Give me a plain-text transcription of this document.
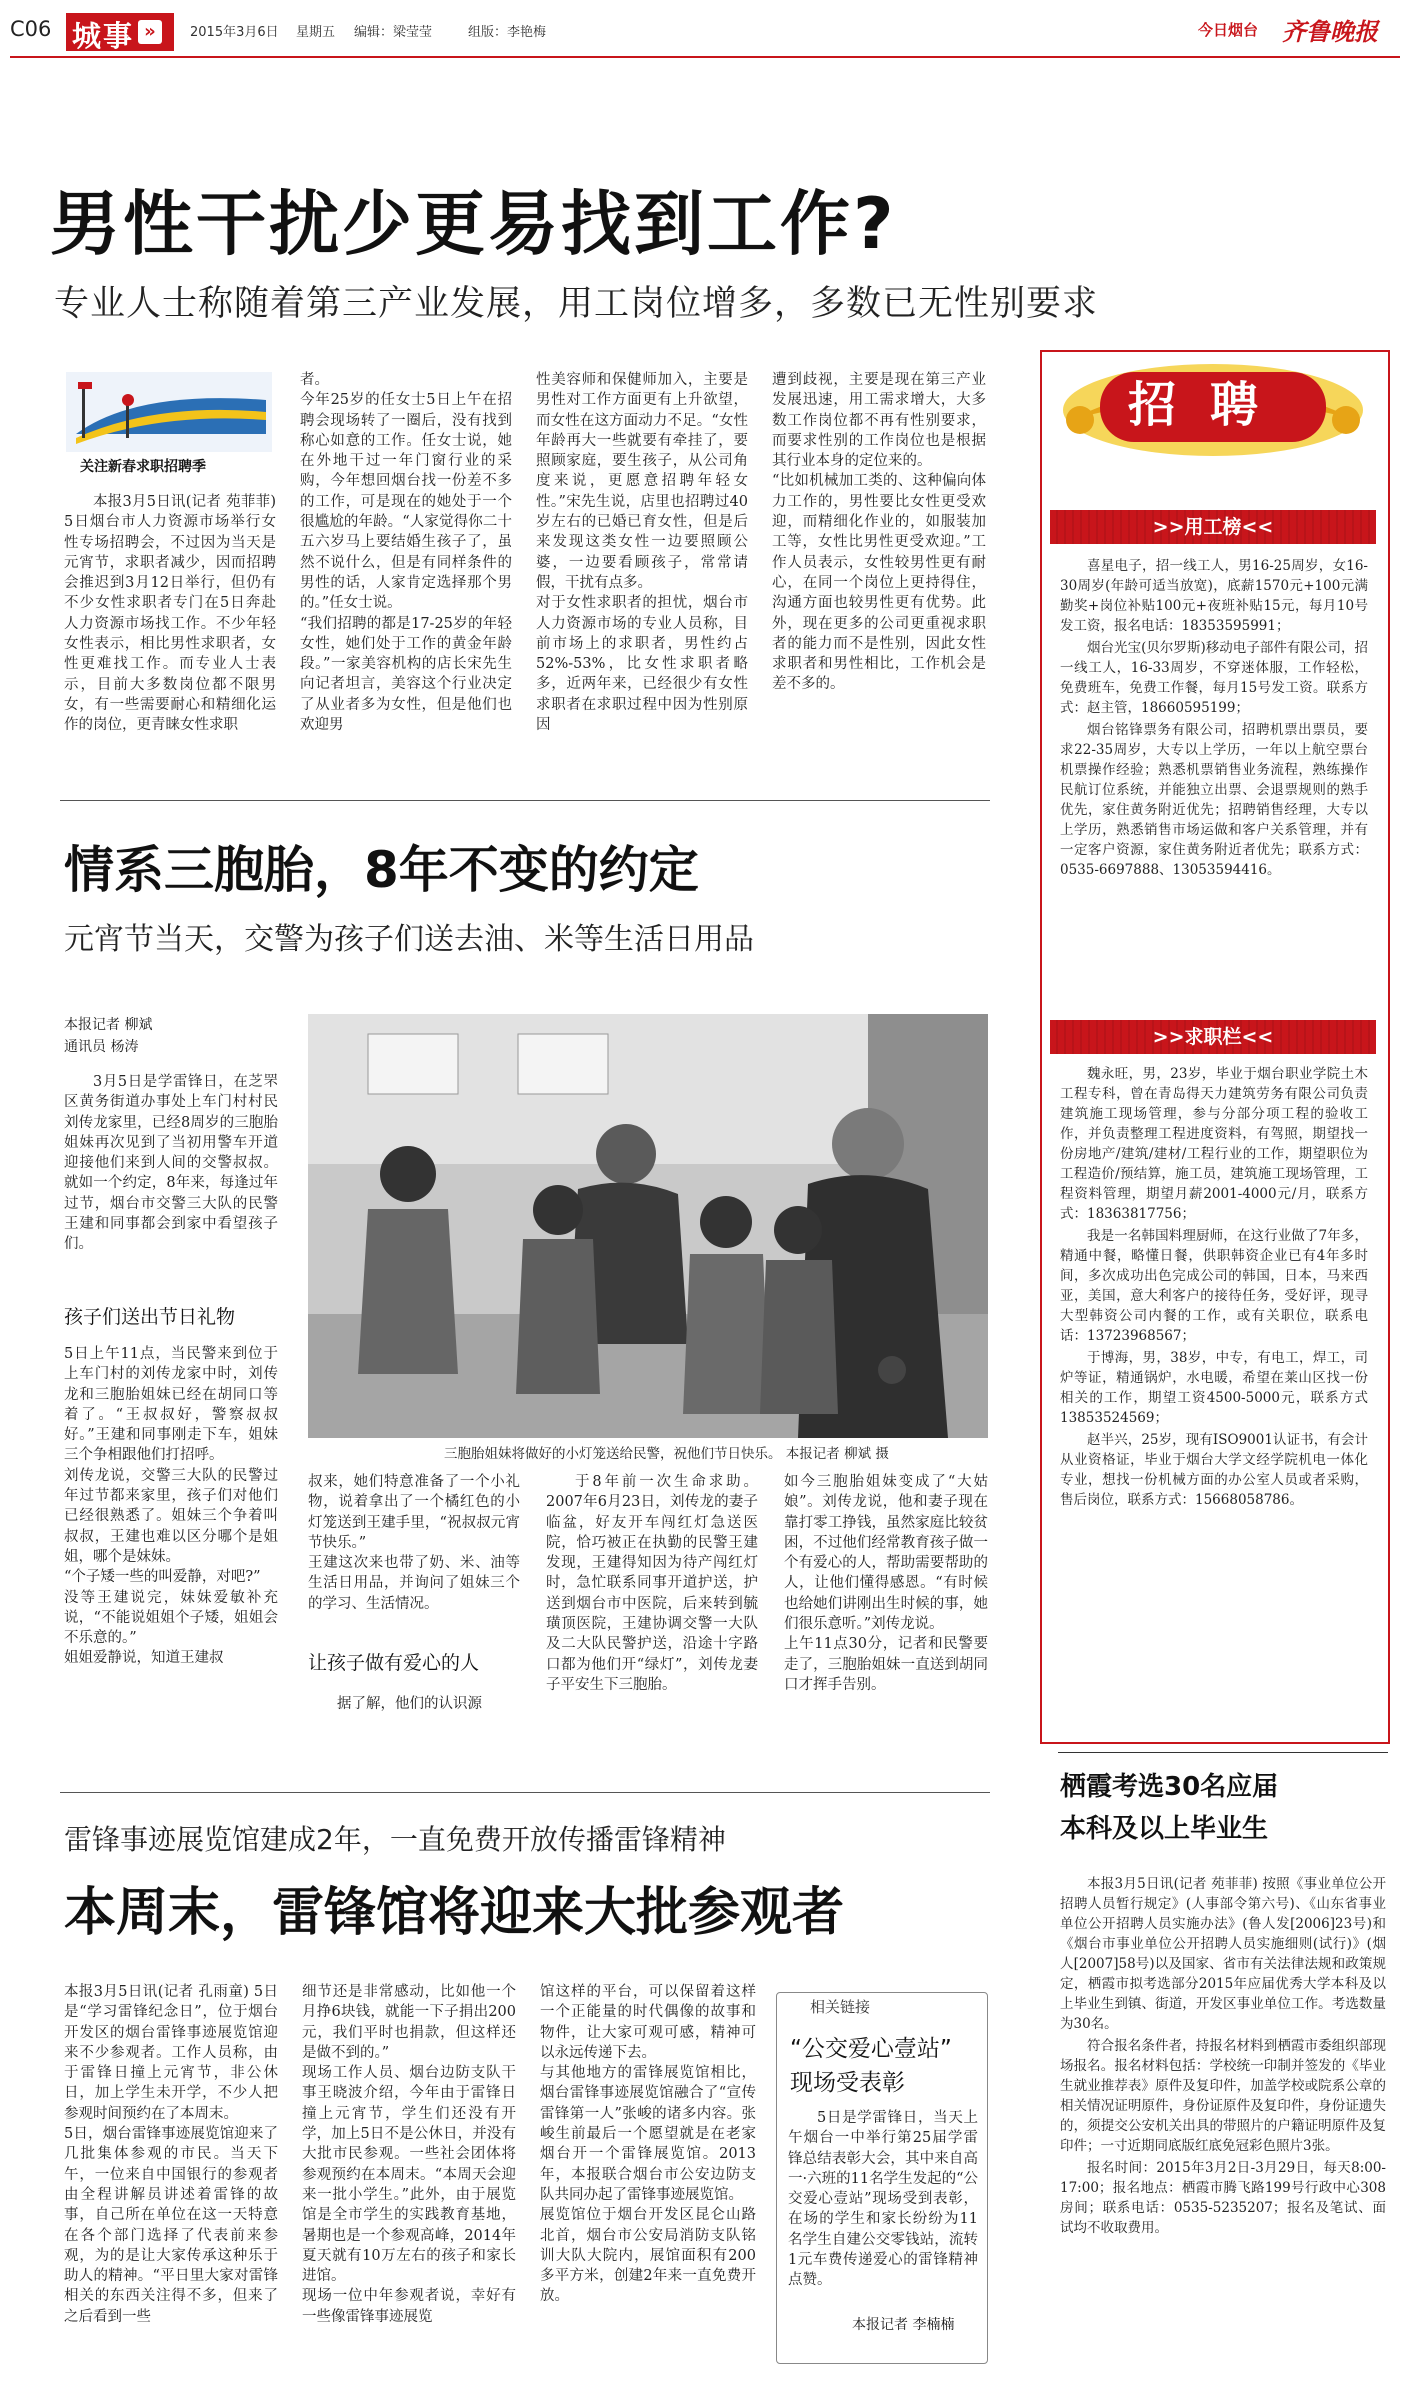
C06 城事 »	2015年3月6日 星期五 编辑：梁莹莹	组版：李艳梅	今日烟台 齐鲁晚报
男性干扰少更易找到工作?
专业人士称随着第三产业发展，用工岗位增多，多数已无性别要求
关注新春求职招聘季

本报3月5日讯(记者 苑菲菲) 5日烟台市人力资源市场举行女性专场招聘会，不过因为当天是元宵节，求职者减少，因而招聘会推迟到3月12日举行，但仍有不少女性求职者专门在5日奔赴人力资源市场找工作。不少年轻女性表示，相比男性求职者，女性更难找工作。而专业人士表示，目前大多数岗位都不限男女，有一些需要耐心和精细化运作的岗位，更青睐女性求职

者。
今年25岁的任女士5日上午在招聘会现场转了一圈后，没有找到称心如意的工作。任女士说，她在外地干过一年门窗行业的采购，今年想回烟台找一份差不多的工作，可是现在的她处于一个很尴尬的年龄。“人家觉得你二十五六岁马上要结婚生孩子了，虽然不说什么，但是有同样条件的男性的话，人家肯定选择那个男的。”任女士说。
“我们招聘的都是17-25岁的年轻女性，她们处于工作的黄金年龄段。”一家美容机构的店长宋先生向记者坦言，美容这个行业决定了从业者多为女性，但是他们也欢迎男
性美容师和保健师加入，主要是男性对工作方面更有上升欲望，而女性在这方面动力不足。“女性年龄再大一些就要有牵挂了，要照顾家庭，要生孩子，从公司角度来说，更愿意招聘年轻女性。”宋先生说，店里也招聘过40岁左右的已婚已育女性，但是后来发现这类女性一边要照顾公婆，一边要看顾孩子，常常请假，干扰有点多。
对于女性求职者的担忧，烟台市人力资源市场的专业人员称，目前市场上的求职者，男性约占52%-53%，比女性求职者略多，近两年来，已经很少有女性求职者在求职过程中因为性别原因
遭到歧视，主要是现在第三产业发展迅速，用工需求增大，大多数工作岗位都不再有性别要求，而要求性别的工作岗位也是根据其行业本身的定位来的。
“比如机械加工类的、这种偏向体力工作的，男性要比女性更受欢迎，而精细化作业的，如服装加工等，女性比男性更受欢迎。”工作人员表示，女性较男性更有耐心，在同一个岗位上更持得住，沟通方面也较男性更有优势。此外，现在更多的公司更重视求职者的能力而不是性别，因此女性求职者和男性相比，工作机会是差不多的。
情系三胞胎，8年不变的约定
元宵节当天，交警为孩子们送去油、米等生活日用品
本报记者 柳斌
通讯员 杨涛

3月5日是学雷锋日，在芝罘区黄务街道办事处上车门村村民刘传龙家里，已经8周岁的三胞胎姐妹再次见到了当初用警车开道迎接他们来到人间的交警叔叔。就如一个约定，8年来，每逢过年过节，烟台市交警三大队的民警王建和同事都会到家中看望孩子们。

孩子们送出节日礼物
5日上午11点，当民警来到位于上车门村的刘传龙家中时，刘传龙和三胞胎姐妹已经在胡同口等着了。“王叔叔好，警察叔叔好。”王建和同事刚走下车，姐妹三个争相跟他们打招呼。
刘传龙说，交警三大队的民警过年过节都来家里，孩子们对他们已经很熟悉了。姐妹三个争着叫叔叔，王建也难以区分哪个是姐姐，哪个是妹妹。
“个子矮一些的叫爱静，对吧?”
没等王建说完，妹妹爱敏补充说，“不能说姐姐个子矮，姐姐会不乐意的。”
姐姐爱静说，知道王建叔
三胞胎姐妹将做好的小灯笼送给民警，祝他们节日快乐。 本报记者 柳斌 摄
叔来，她们特意准备了一个小礼物，说着拿出了一个橘红色的小灯笼送到王建手里，“祝叔叔元宵节快乐。”
王建这次来也带了奶、米、油等生活日用品，并询问了姐妹三个的学习、生活情况。
让孩子做有爱心的人

据了解，他们的认识源

于8年前一次生命求助。2007年6月23日，刘传龙的妻子临盆，好友开车闯红灯急送医院，恰巧被正在执勤的民警王建发现，王建得知因为待产闯红灯时，急忙联系同事开道护送，护送到烟台市中医院，后来转到毓璜顶医院，王建协调交警一大队及二大队民警护送，沿途十字路口都为他们开“绿灯”，刘传龙妻子平安生下三胞胎。

如今三胞胎姐妹变成了“大姑娘”。刘传龙说，他和妻子现在靠打零工挣钱，虽然家庭比较贫困，不过他们经常教育孩子做一个有爱心的人，帮助需要帮助的人，让他们懂得感恩。“有时候也给她们讲刚出生时候的事，她们很乐意听。”刘传龙说。
上午11点30分，记者和民警要走了，三胞胎姐妹一直送到胡同口才挥手告别。
雷锋事迹展览馆建成2年，一直免费开放传播雷锋精神
本周末，雷锋馆将迎来大批参观者
本报3月5日讯(记者 孔雨童) 5日是“学习雷锋纪念日”，位于烟台开发区的烟台雷锋事迹展览馆迎来不少参观者。工作人员称，由于雷锋日撞上元宵节，非公休日，加上学生未开学，不少人把参观时间预约在了本周末。
5日，烟台雷锋事迹展览馆迎来了几批集体参观的市民。当天下午，一位来自中国银行的参观者由全程讲解员讲述着雷锋的故事，自己所在单位在这一天特意在各个部门选择了代表前来参观，为的是让大家传承这种乐于助人的精神。“平日里大家对雷锋相关的东西关注得不多，但来了之后看到一些
细节还是非常感动，比如他一个月挣6块钱，就能一下子捐出200元，我们平时也捐款，但这样还是做不到的。”
现场工作人员、烟台边防支队干事王晓波介绍，今年由于雷锋日撞上元宵节，学生们还没有开学，加上5日不是公休日，并没有大批市民参观。一些社会团体将参观预约在本周末。“本周天会迎来一批小学生。”此外，由于展览馆是全市学生的实践教育基地，暑期也是一个参观高峰，2014年夏天就有10万左右的孩子和家长进馆。
现场一位中年参观者说，幸好有一些像雷锋事迹展览
馆这样的平台，可以保留着这样一个正能量的时代偶像的故事和物件，让大家可观可感，精神可以永远传递下去。
与其他地方的雷锋展览馆相比，烟台雷锋事迹展览馆融合了“宣传雷锋第一人”张峻的诸多内容。张峻生前最后一个愿望就是在老家烟台开一个雷锋展览馆。2013年，本报联合烟台市公安边防支队共同办起了雷锋事迹展览馆。
展览馆位于烟台开发区昆仑山路北首，烟台市公安局消防支队铭训大队大院内，展馆面积有200多平方米，创建2年来一直免费开放。
相关链接
“公交爱心壹站”
现场受表彰

5日是学雷锋日，当天上午烟台一中举行第25届学雷锋总结表彰大会，其中来自高一·六班的11名学生发起的“公交爱心壹站”现场受到表彰，在场的学生和家长纷纷为11名学生自建公交零钱站，流转1元车费传递爱心的雷锋精神点赞。

本报记者 李楠楠
招聘
>>用工榜<<

喜星电子，招一线工人，男16-25周岁，女16-30周岁(年龄可适当放宽)，底薪1570元+100元满勤奖+岗位补贴100元+夜班补贴15元，每月10号发工资，报名电话：18353595991；

烟台光宝(贝尔罗斯)移动电子部件有限公司，招一线工人，16-33周岁，不穿迷体服，工作轻松，免费班车，免费工作餐，每月15号发工资。联系方式：赵主管，18660595199；

烟台铭锋票务有限公司，招聘机票出票员，要求22-35周岁，大专以上学历，一年以上航空票台机票操作经验；熟悉机票销售业务流程，熟练操作民航订位系统，并能独立出票、会退票规则的熟手优先，家住黄务附近优先；招聘销售经理，大专以上学历，熟悉销售市场运做和客户关系管理，并有一定客户资源，家住黄务附近者优先；联系方式：0535-6697888、13053594416。

>>求职栏<<

魏永旺，男，23岁，毕业于烟台职业学院土木工程专科，曾在青岛得天力建筑劳务有限公司负责建筑施工现场管理，参与分部分项工程的验收工作，并负责整理工程进度资料，有驾照，期望找一份房地产/建筑/建材/工程行业的工作，期望职位为工程造价/预结算，施工员，建筑施工现场管理，工程资料管理，期望月薪2001-4000元/月，联系方式：18363817756；

我是一名韩国料理厨师，在这行业做了7年多，精通中餐，略懂日餐，供职韩资企业已有4年多时间，多次成功出色完成公司的韩国，日本，马来西亚，美国，意大利客户的接待任务，受好评，现寻大型韩资公司内餐的工作，或有关职位，联系电话：13723968567；

于博海，男，38岁，中专，有电工，焊工，司炉等证，精通锅炉，水电暖，希望在莱山区找一份相关的工作，期望工资4500-5000元，联系方式13853524569；

赵半兴，25岁，现有ISO9001认证书，有会计从业资格证，毕业于烟台大学文经学院机电一体化专业，想找一份机械方面的办公室人员或者采购，售后岗位，联系方式：15668058786。

栖霞考选30名应届
本科及以上毕业生

本报3月5日讯(记者 苑菲菲) 按照《事业单位公开招聘人员暂行规定》(人事部令第六号)、《山东省事业单位公开招聘人员实施办法》(鲁人发[2006]23号)和《烟台市事业单位公开招聘人员实施细则(试行)》(烟人[2007]58号)以及国家、省市有关法律法规和政策规定，栖霞市拟考选部分2015年应届优秀大学本科及以上毕业生到镇、街道，开发区事业单位工作。考选数量为30名。

符合报名条件者，持报名材料到栖霞市委组织部现场报名。报名材料包括：学校统一印制并签发的《毕业生就业推荐表》原件及复印件，加盖学校或院系公章的相关情况证明原件，身份证原件及复印件，身份证遗失的，须提交公安机关出具的带照片的户籍证明原件及复印件；一寸近期同底版红底免冠彩色照片3张。

报名时间：2015年3月2日-3月29日，每天8:00-17:00；报名地点：栖霞市腾飞路199号行政中心308房间；联系电话：0535-5235207；报名及笔试、面试均不收取费用。
